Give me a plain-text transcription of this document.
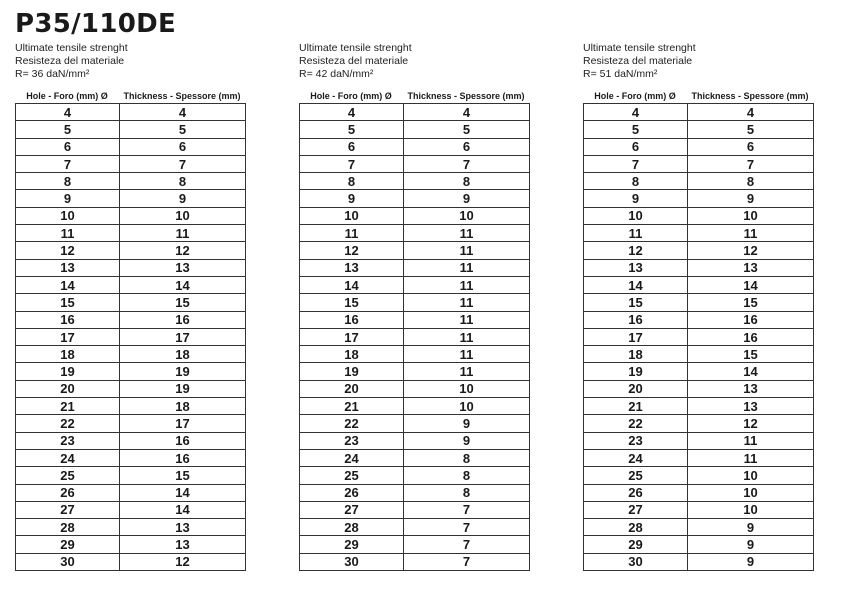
P35/110DE
Ultimate tensile strenght
Resisteza del materiale
R= 36 daN/mm²
Hole - Foro (mm) Ø	Thickness - Spessore (mm)
4	4
5	5
6	6
7	7
8	8
9	9
10	10
11	11
12	12
13	13
14	14
15	15
16	16
17	17
18	18
19	19
20	19
21	18
22	17
23	16
24	16
25	15
26	14
27	14
28	13
29	13
30	12
Ultimate tensile strenght
Resisteza del materiale
R= 42 daN/mm²
Hole - Foro (mm) Ø	Thickness - Spessore (mm)
4	4
5	5
6	6
7	7
8	8
9	9
10	10
11	11
12	11
13	11
14	11
15	11
16	11
17	11
18	11
19	11
20	10
21	10
22	9
23	9
24	8
25	8
26	8
27	7
28	7
29	7
30	7
Ultimate tensile strenght
Resisteza del materiale
R= 51 daN/mm²
Hole - Foro (mm) Ø	Thickness - Spessore (mm)
4	4
5	5
6	6
7	7
8	8
9	9
10	10
11	11
12	12
13	13
14	14
15	15
16	16
17	16
18	15
19	14
20	13
21	13
22	12
23	11
24	11
25	10
26	10
27	10
28	9
29	9
30	9
